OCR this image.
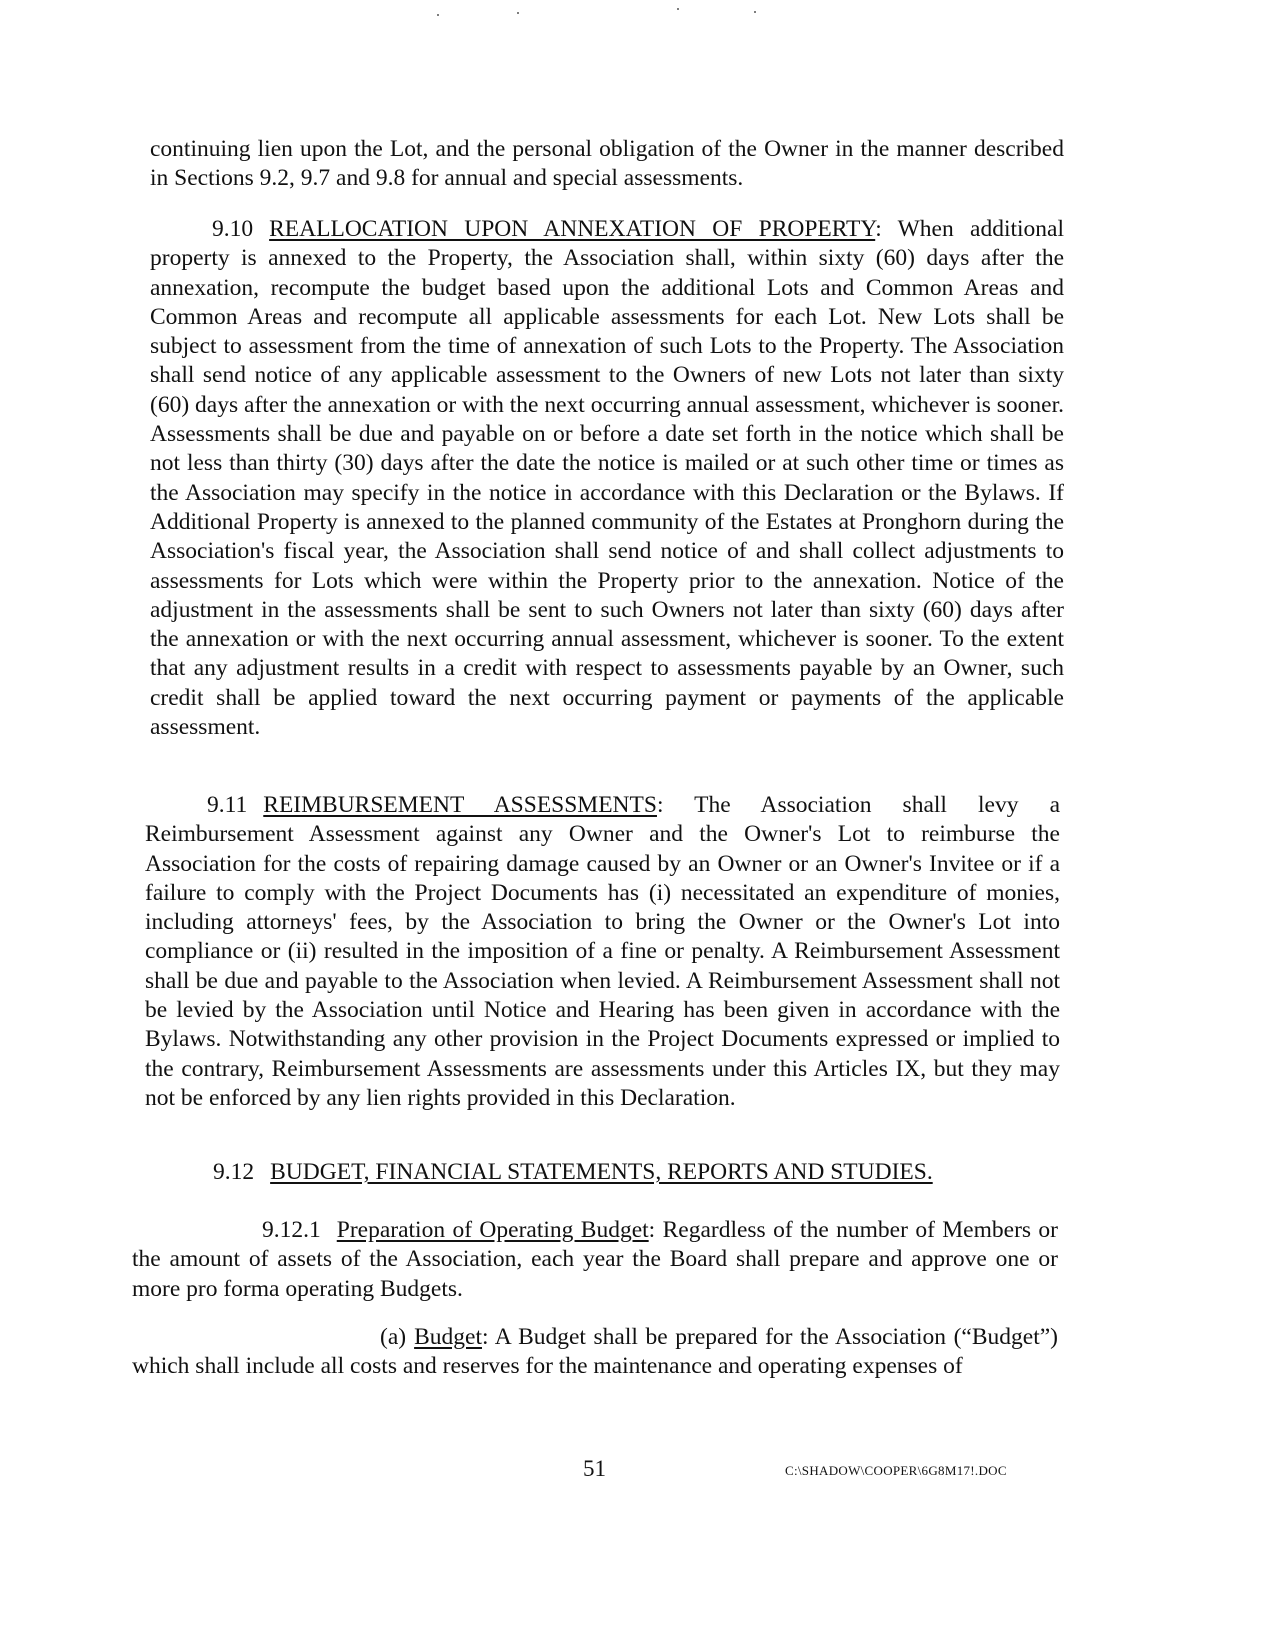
continuing lien upon the Lot, and the personal obligation of the Owner in the manner described in Sections 9.2, 9.7 and 9.8 for annual and special assessments.

9.10 REALLOCATION UPON ANNEXATION OF PROPERTY: When additional property is annexed to the Property, the Association shall, within sixty (60) days after the annexation, recompute the budget based upon the additional Lots and Common Areas and Common Areas and recompute all applicable assessments for each Lot. New Lots shall be subject to assessment from the time of annexation of such Lots to the Property. The Association shall send notice of any applicable assessment to the Owners of new Lots not later than sixty (60) days after the annexation or with the next occurring annual assessment, whichever is sooner. Assessments shall be due and payable on or before a date set forth in the notice which shall be not less than thirty (30) days after the date the notice is mailed or at such other time or times as the Association may specify in the notice in accordance with this Declaration or the Bylaws. If Additional Property is annexed to the planned community of the Estates at Pronghorn during the Association's fiscal year, the Association shall send notice of and shall collect adjustments to assessments for Lots which were within the Property prior to the annexation. Notice of the adjustment in the assessments shall be sent to such Owners not later than sixty (60) days after the annexation or with the next occurring annual assessment, whichever is sooner. To the extent that any adjustment results in a credit with respect to assessments payable by an Owner, such credit shall be applied toward the next occurring payment or payments of the applicable assessment.

9.11 REIMBURSEMENT ASSESSMENTS: The Association shall levy a Reimbursement Assessment against any Owner and the Owner's Lot to reimburse the Association for the costs of repairing damage caused by an Owner or an Owner's Invitee or if a failure to comply with the Project Documents has (i) necessitated an expenditure of monies, including attorneys' fees, by the Association to bring the Owner or the Owner's Lot into compliance or (ii) resulted in the imposition of a fine or penalty. A Reimbursement Assessment shall be due and payable to the Association when levied. A Reimbursement Assessment shall not be levied by the Association until Notice and Hearing has been given in accordance with the Bylaws. Notwithstanding any other provision in the Project Documents expressed or implied to the contrary, Reimbursement Assessments are assessments under this Articles IX, but they may not be enforced by any lien rights provided in this Declaration.

9.12 BUDGET, FINANCIAL STATEMENTS, REPORTS AND STUDIES.

9.12.1 Preparation of Operating Budget: Regardless of the number of Members or the amount of assets of the Association, each year the Board shall prepare and approve one or more pro forma operating Budgets.

(a) Budget: A Budget shall be prepared for the Association (“Budget”) which shall include all costs and reserves for the maintenance and operating expenses of

51	C:\SHADOW\COOPER\6G8M17!.DOC
